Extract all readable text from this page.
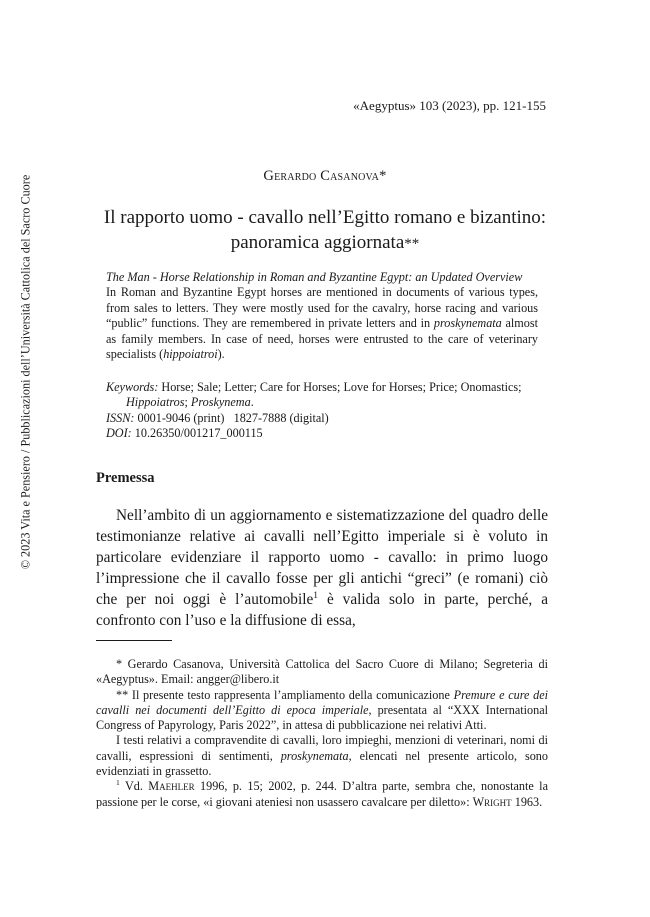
«Aegyptus» 103 (2023), pp. 121-155
Gerardo Casanova*
Il rapporto uomo - cavallo nell’Egitto romano e bizantino:
panoramica aggiornata**

The Man - Horse Relationship in Roman and Byzantine Egypt: an Updated Overview

In Roman and Byzantine Egypt horses are mentioned in documents of various types, from sales to letters. They were mostly used for the cavalry, horse racing and various “public” functions. They are remembered in private letters and in proskynemata almost as family members. In case of need, horses were entrusted to the care of veterinary specialists (hippoiatroi).

Keywords: Horse; Sale; Letter; Care for Horses; Love for Horses; Price; Onomastics; Hippoiatros; Proskynema.

ISSN: 0001-9046 (print)   1827-7888 (digital)

DOI: 10.26350/001217_000115

Premessa

Nell’ambito di un aggiornamento e sistematizzazione del quadro delle testimonianze relative ai cavalli nell’Egitto imperiale si è voluto in particolare evidenziare il rapporto uomo - cavallo: in primo luogo l’impressione che il cavallo fosse per gli antichi “greci” (e romani) ciò che per noi oggi è l’automobile$^1$ è valida solo in parte, perché, a confronto con l’uso e la diffusione di essa,

* Gerardo Casanova, Università Cattolica del Sacro Cuore di Milano; Segreteria di «Aegyptus». Email: angger@libero.it

** Il presente testo rappresenta l’ampliamento della comunicazione Premure e cure dei cavalli nei documenti dell’Egitto di epoca imperiale, presentata al “XXX International Congress of Papyrology, Paris 2022”, in attesa di pubblicazione nei relativi Atti.

I testi relativi a compravendite di cavalli, loro impieghi, menzioni di veterinari, nomi di cavalli, espressioni di sentimenti, proskynemata, elencati nel presente articolo, sono evidenziati in grassetto.

$^1$ Vd. Maehler 1996, p. 15; 2002, p. 244. D’altra parte, sembra che, nonostante la passione per le corse, «i giovani ateniesi non usassero cavalcare per diletto»: Wright 1963.

© 2023 Vita e Pensiero / Pubblicazioni dell’Università Cattolica del Sacro Cuore
